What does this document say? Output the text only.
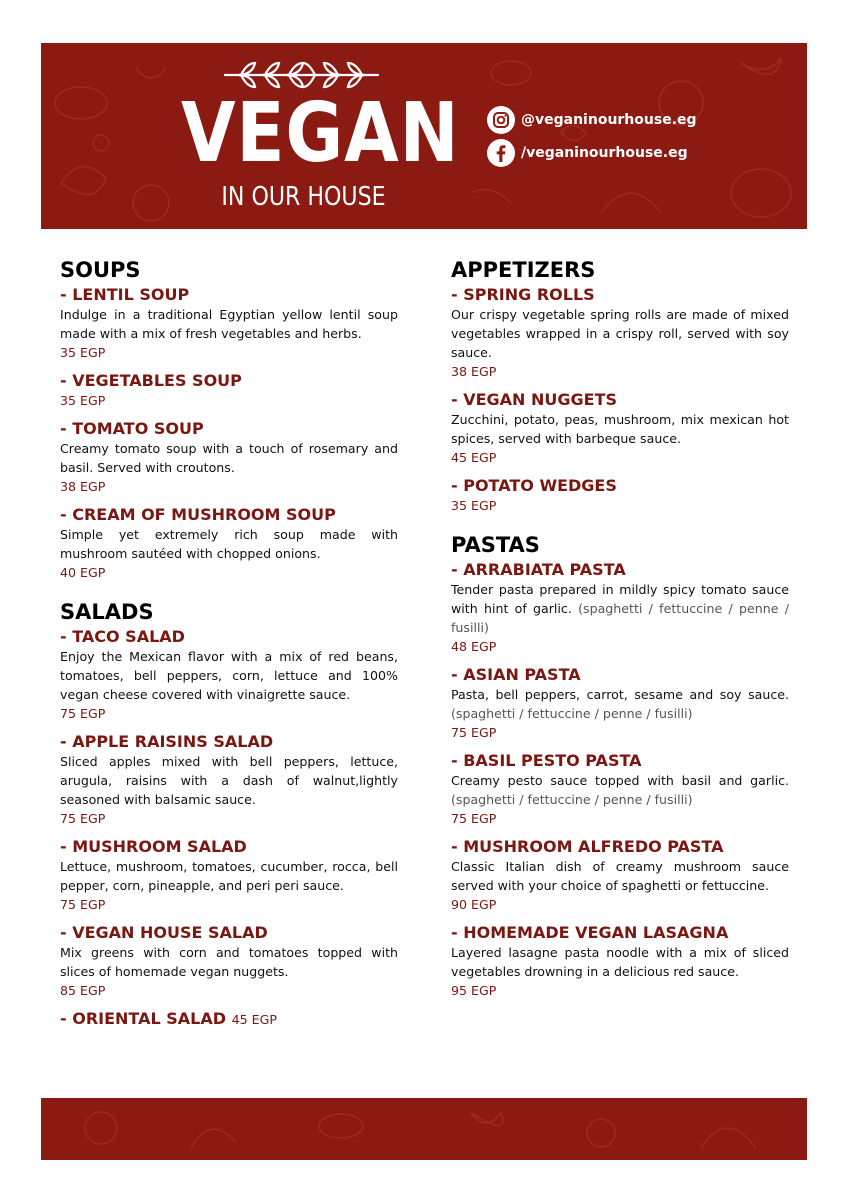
VEGAN
IN OUR HOUSE
@veganinourhouse.eg
/veganinourhouse.eg
SOUPS
- LENTIL SOUP
Indulge in a traditional Egyptian yellow lentil soup made with a mix of fresh vegetables and herbs.
35 EGP
- VEGETABLES SOUP
35 EGP
- TOMATO SOUP
Creamy tomato soup with a touch of rosemary and basil. Served with croutons.
38 EGP
- CREAM OF MUSHROOM SOUP
Simple yet extremely rich soup made with mushroom sautéed with chopped onions.
40 EGP
SALADS
- TACO SALAD
Enjoy the Mexican flavor with a mix of red beans, tomatoes, bell peppers, corn, lettuce and 100% vegan cheese covered with vinaigrette sauce.
75 EGP
- APPLE RAISINS SALAD
Sliced apples mixed with bell peppers, lettuce, arugula, raisins with a dash of walnut,lightly seasoned with balsamic sauce.
75 EGP
- MUSHROOM SALAD
Lettuce, mushroom, tomatoes, cucumber, rocca, bell pepper, corn, pineapple, and peri peri sauce.
75 EGP
- VEGAN HOUSE SALAD
Mix greens with corn and tomatoes topped with slices of homemade vegan nuggets.
85 EGP
- ORIENTAL SALAD 45 EGP
APPETIZERS
- SPRING ROLLS
Our crispy vegetable spring rolls are made of mixed vegetables wrapped in a crispy roll, served with soy sauce.
38 EGP
- VEGAN NUGGETS
Zucchini, potato, peas, mushroom, mix mexican hot spices, served with barbeque sauce.
45 EGP
- POTATO WEDGES
35 EGP
PASTAS
- ARRABIATA PASTA
Tender pasta prepared in mildly spicy tomato sauce with hint of garlic. (spaghetti / fettuccine / penne / fusilli)
48 EGP
- ASIAN PASTA
Pasta, bell peppers, carrot, sesame and soy sauce. (spaghetti / fettuccine / penne / fusilli)
75 EGP
- BASIL PESTO PASTA
Creamy pesto sauce topped with basil and garlic. (spaghetti / fettuccine / penne / fusilli)
75 EGP
- MUSHROOM ALFREDO PASTA
Classic Italian dish of creamy mushroom sauce served with your choice of spaghetti or fettuccine.
90 EGP
- HOMEMADE VEGAN LASAGNA
Layered lasagne pasta noodle with a mix of sliced vegetables drowning in a delicious red sauce.
95 EGP
